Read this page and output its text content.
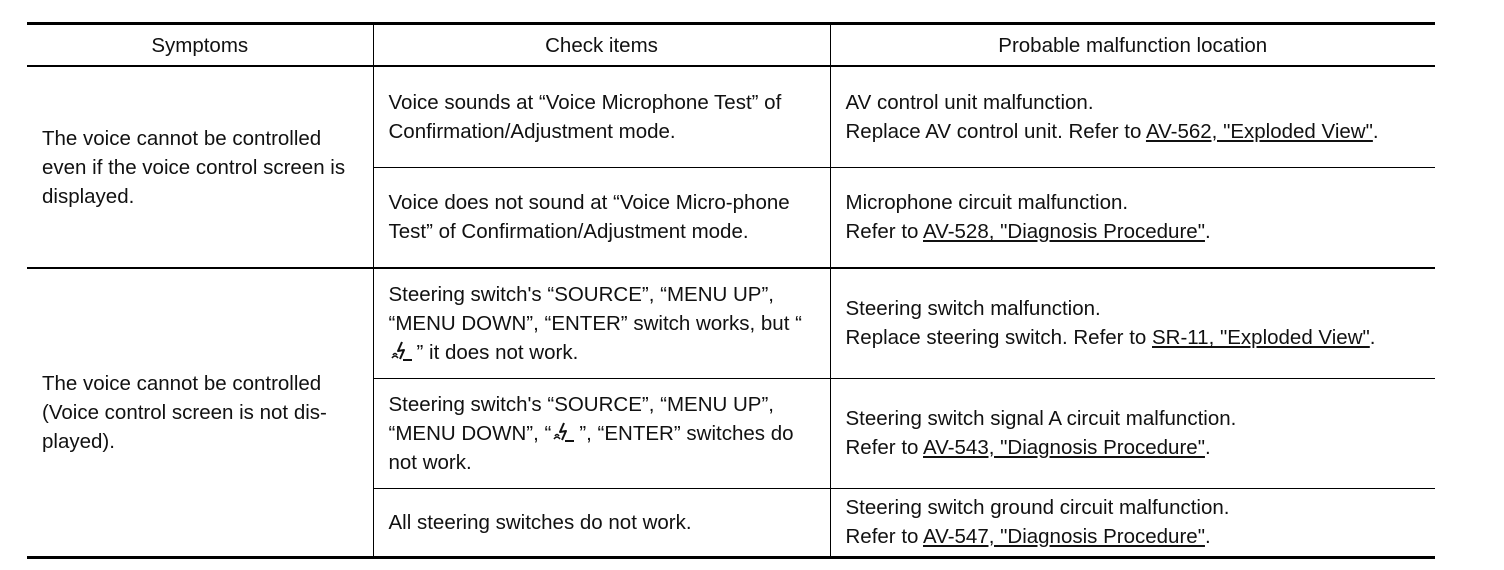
Symptoms	Check items	Probable malfunction location
The voice cannot be controlled even if the voice control screen is displayed.	Voice sounds at “Voice Microphone Test” of Confirmation/Adjustment mode.	AV control unit malfunction.
Replace AV control unit. Refer to AV-562, "Exploded View".
	Voice does not sound at “Voice Micro-phone Test” of Confirmation/Adjustment mode.	Microphone circuit malfunction.
Refer to AV-528, "Diagnosis Procedure".
The voice cannot be controlled (Voice control screen is not dis-played).	Steering switch's “SOURCE”, “MENU UP”, “MENU DOWN”, “ENTER” switch works, but “” it does not work.	Steering switch malfunction.
Replace steering switch. Refer to SR-11, "Exploded View".
	Steering switch's “SOURCE”, “MENU UP”, “MENU DOWN”, “ ”, “ENTER” switches do not work.	Steering switch signal A circuit malfunction.
Refer to AV-543, "Diagnosis Procedure".
	All steering switches do not work.	Steering switch ground circuit malfunction.
Refer to AV-547, "Diagnosis Procedure".
